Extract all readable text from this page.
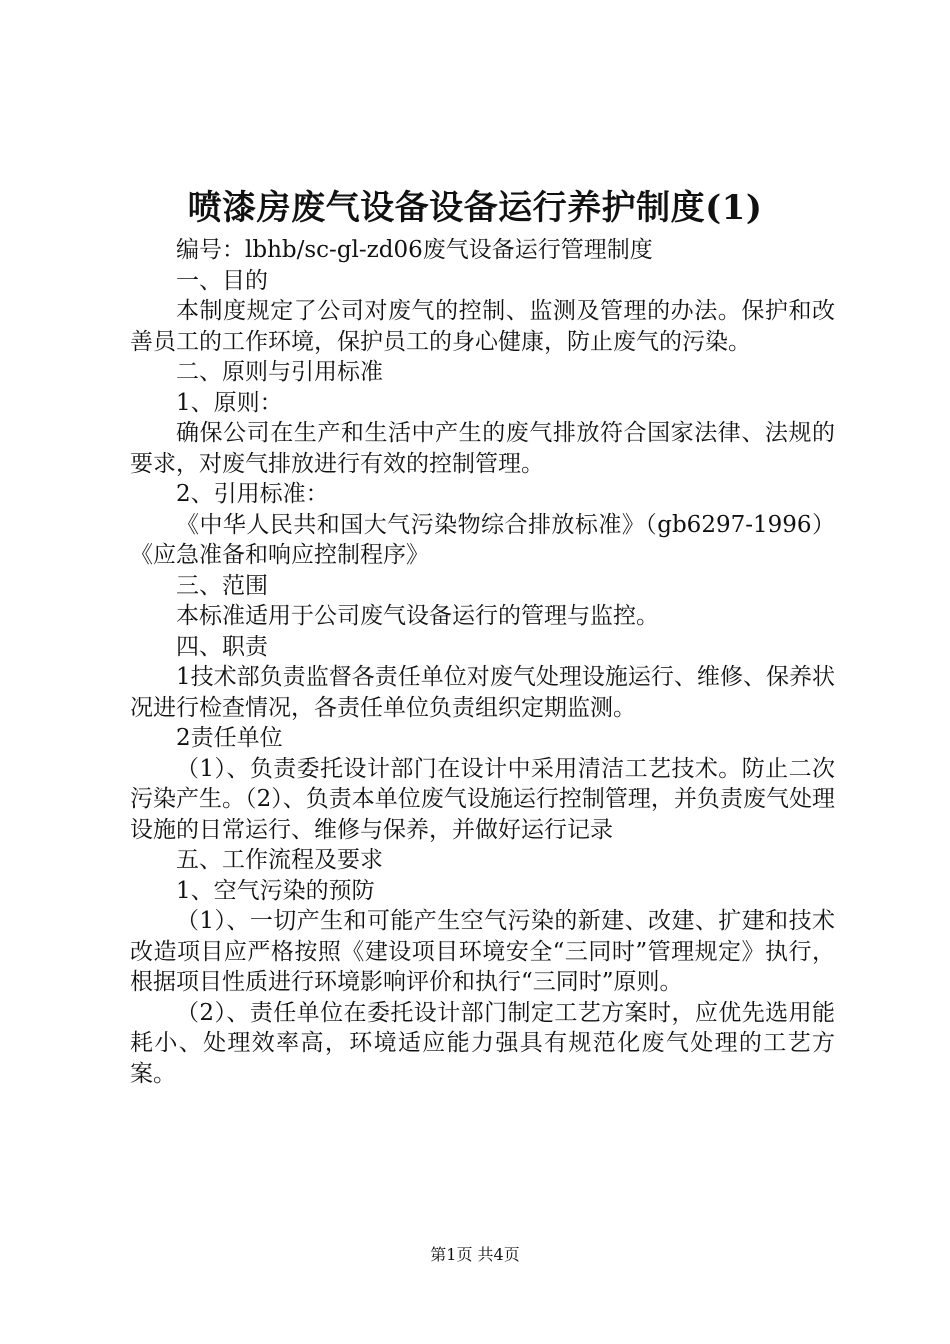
喷漆房废气设备设备运行养护制度(1)

编号：lbhb/sc-gl-zd06废气设备运行管理制度

一、目的

本制度规定了公司对废气的控制、监测及管理的办法。保护和改善员工的工作环境，保护员工的身心健康，防止废气的污染。

二、原则与引用标准

1、原则：

确保公司在生产和生活中产生的废气排放符合国家法律、法规的要求，对废气排放进行有效的控制管理。

2、引用标准：

《中华人民共和国大气污染物综合排放标准》（gb6297-1996）《应急准备和响应控制程序》

三、范围

本标准适用于公司废气设备运行的管理与监控。

四、职责

1技术部负责监督各责任单位对废气处理设施运行、维修、保养状况进行检查情况，各责任单位负责组织定期监测。

2责任单位

（1）、负责委托设计部门在设计中采用清洁工艺技术。防止二次污染产生。（2）、负责本单位废气设施运行控制管理，并负责废气处理设施的日常运行、维修与保养，并做好运行记录

五、工作流程及要求

1、空气污染的预防

（1）、一切产生和可能产生空气污染的新建、改建、扩建和技术改造项目应严格按照《建设项目环境安全“三同时”管理规定》执行，根据项目性质进行环境影响评价和执行“三同时”原则。

（2）、责任单位在委托设计部门制定工艺方案时，应优先选用能耗小、处理效率高，环境适应能力强具有规范化废气处理的工艺方案。

第1页 共4页
